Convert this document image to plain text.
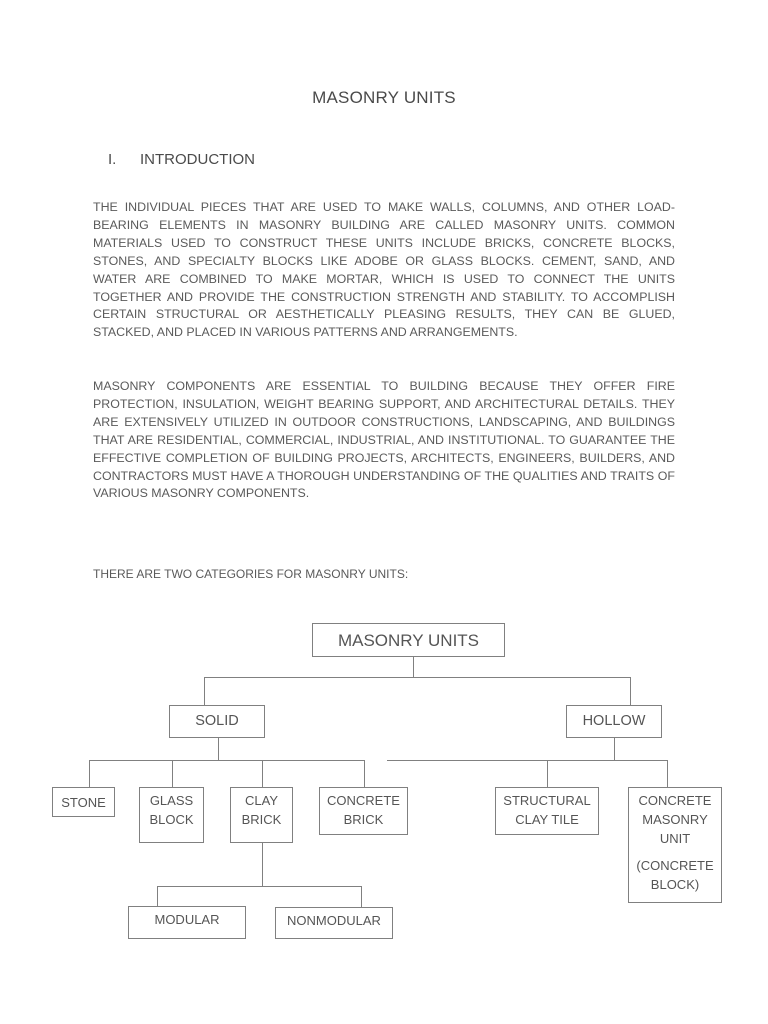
MASONRY UNITS
I. INTRODUCTION

THE INDIVIDUAL PIECES THAT ARE USED TO MAKE WALLS, COLUMNS, AND OTHER LOAD-BEARING ELEMENTS IN MASONRY BUILDING ARE CALLED MASONRY UNITS. COMMON MATERIALS USED TO CONSTRUCT THESE UNITS INCLUDE BRICKS, CONCRETE BLOCKS, STONES, AND SPECIALTY BLOCKS LIKE ADOBE OR GLASS BLOCKS. CEMENT, SAND, AND WATER ARE COMBINED TO MAKE MORTAR, WHICH IS USED TO CONNECT THE UNITS TOGETHER AND PROVIDE THE CONSTRUCTION STRENGTH AND STABILITY. TO ACCOMPLISH CERTAIN STRUCTURAL OR AESTHETICALLY PLEASING RESULTS, THEY CAN BE GLUED, STACKED, AND PLACED IN VARIOUS PATTERNS AND ARRANGEMENTS.

MASONRY COMPONENTS ARE ESSENTIAL TO BUILDING BECAUSE THEY OFFER FIRE PROTECTION, INSULATION, WEIGHT BEARING SUPPORT, AND ARCHITECTURAL DETAILS. THEY ARE EXTENSIVELY UTILIZED IN OUTDOOR CONSTRUCTIONS, LANDSCAPING, AND BUILDINGS THAT ARE RESIDENTIAL, COMMERCIAL, INDUSTRIAL, AND INSTITUTIONAL. TO GUARANTEE THE EFFECTIVE COMPLETION OF BUILDING PROJECTS, ARCHITECTS, ENGINEERS, BUILDERS, AND CONTRACTORS MUST HAVE A THOROUGH UNDERSTANDING OF THE QUALITIES AND TRAITS OF VARIOUS MASONRY COMPONENTS.

THERE ARE TWO CATEGORIES FOR MASONRY UNITS:
MASONRY UNITS
SOLID	HOLLOW
STONE	GLASS
BLOCK
CLAY
BRICK
CONCRETE
BRICK
STRUCTURAL
CLAY TILE
CONCRETE
MASONRY
UNIT
(CONCRETE
BLOCK)
MODULAR	NONMODULAR
